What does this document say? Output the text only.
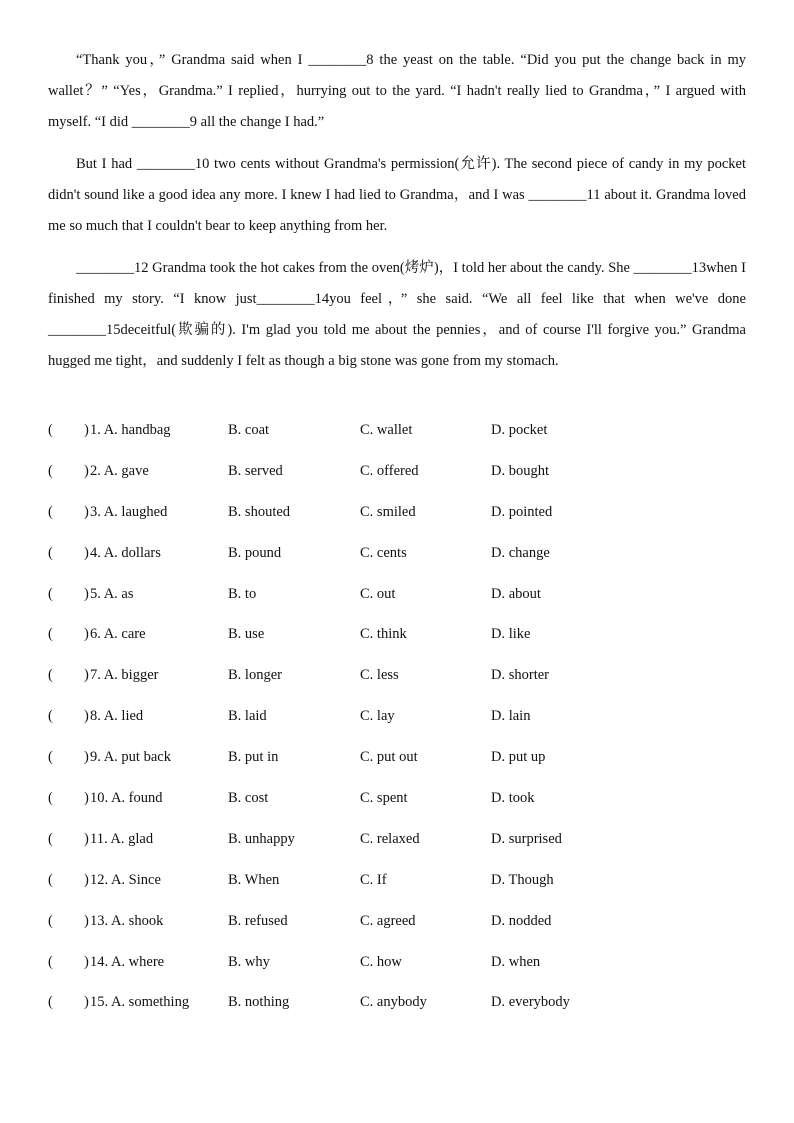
“Thank you，” Grandma said when I ________8 the yeast on the table. “Did you put the change back in my wallet？” “Yes，Grandma.” I replied，hurrying out to the yard. “I hadn't really lied to Grandma，” I argued with myself. “I did ________9 all the change I had.”

But I had ________10 two cents without Grandma's permission(允许). The second piece of candy in my pocket didn't sound like a good idea any more. I knew I had lied to Grandma，and I was ________11 about it. Grandma loved me so much that I couldn't bear to keep anything from her.

________12 Grandma took the hot cakes from the oven(烤炉)，I told her about the candy. She ________13when I finished my story. “I know just________14you feel，” she said. “We all feel like that when we've done ________15deceitful(欺骗的). I'm glad you told me about the pennies，and of course I'll forgive you.” Grandma hugged me tight，and suddenly I felt as though a big stone was gone from my stomach.

( ) 1. A. handbag	B. coat	C. wallet	D. pocket
( ) 2. A. gave	B. served	C. offered	D. bought
( ) 3. A. laughed	B. shouted	C. smiled	D. pointed
( ) 4. A. dollars	B. pound	C. cents	D. change
( ) 5. A. as	B. to	C. out	D. about
( ) 6. A. care	B. use	C. think	D. like
( ) 7. A. bigger	B. longer	C. less	D. shorter
( ) 8. A. lied	B. laid	C. lay	D. lain
( ) 9. A. put back	B. put in	C. put out	D. put up
( ) 10. A. found	B. cost	C. spent	D. took
( ) 11. A. glad	B. unhappy	C. relaxed	D. surprised
( ) 12. A. Since	B. When	C. If	D. Though
( ) 13. A. shook	B. refused	C. agreed	D. nodded
( ) 14. A. where	B. why	C. how	D. when
( ) 15. A. something	B. nothing	C. anybody	D. everybody
